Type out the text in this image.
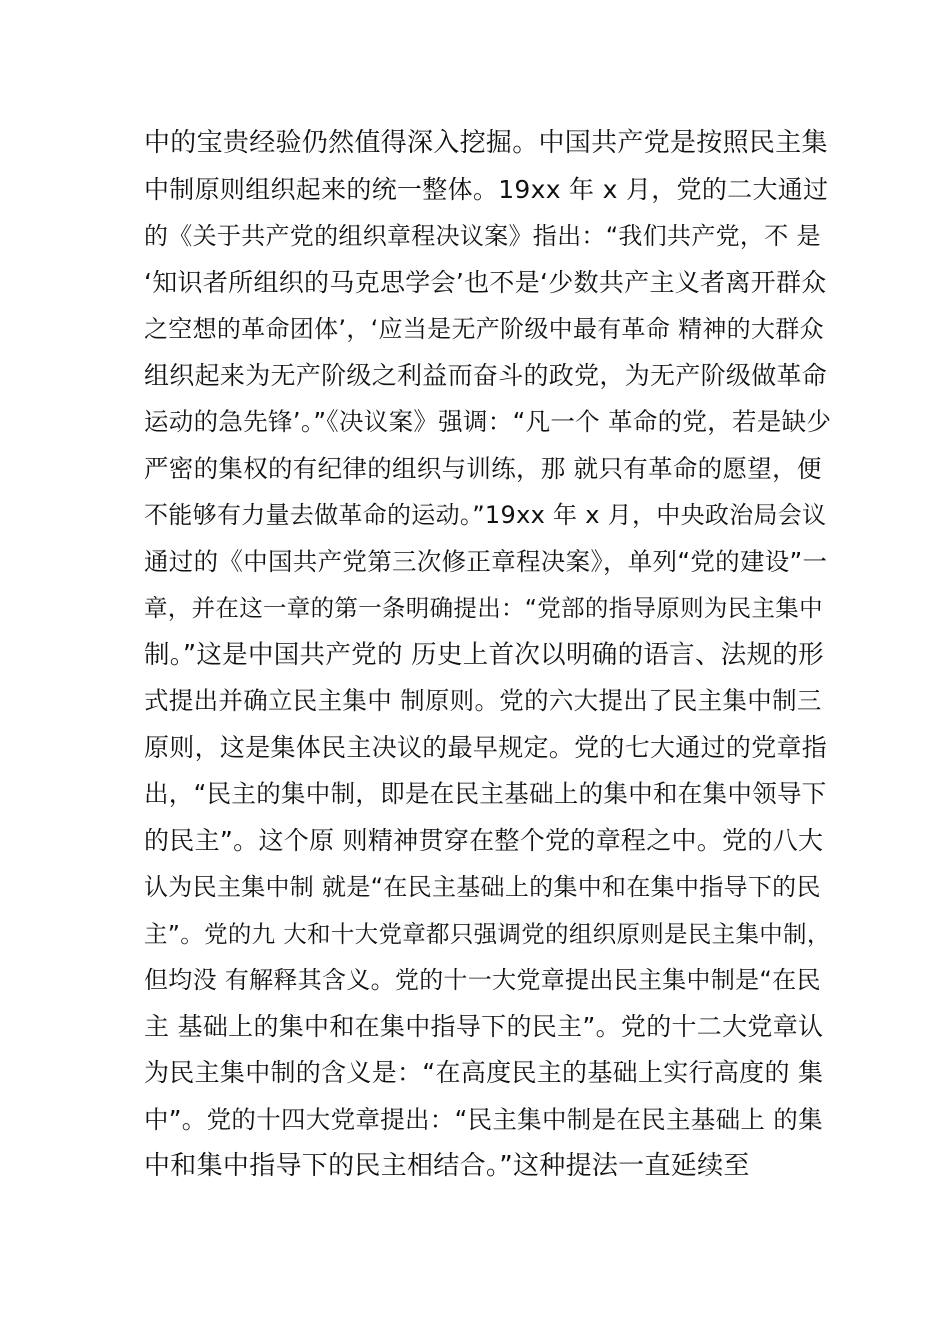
中的宝贵经验仍然值得深入挖掘。中国共产党是按照民主集
中制原则组织起来的统一整体。19xx 年 x 月，党的二大通过
的《关于共产党的组织章程决议案》指出：“我们共产党，不 是
‘知识者所组织的马克思学会’也不是‘少数共产主义者离开群众
之空想的革命团体’，‘应当是无产阶级中最有革命 精神的大群众
组织起来为无产阶级之利益而奋斗的政党，为无产阶级做革命
运动的急先锋’。”《决议案》强调：“凡一个 革命的党，若是缺少
严密的集权的有纪律的组织与训练，那 就只有革命的愿望，便
不能够有力量去做革命的运动。”19xx 年 x 月，中央政治局会议
通过的《中国共产党第三次修正章程决案》，单列“党的建设”一
章，并在这一章的第一条明确提出：“党部的指导原则为民主集中
制。”这是中国共产党的 历史上首次以明确的语言、法规的形
式提出并确立民主集中 制原则。党的六大提出了民主集中制三
原则，这是集体民主决议的最早规定。党的七大通过的党章指
出，“民主的集中制，即是在民主基础上的集中和在集中领导下
的民主”。这个原 则精神贯穿在整个党的章程之中。党的八大
认为民主集中制 就是“在民主基础上的集中和在集中指导下的民
主”。党的九 大和十大党章都只强调党的组织原则是民主集中制，
但均没 有解释其含义。党的十一大党章提出民主集中制是“在民
主 基础上的集中和在集中指导下的民主”。党的十二大党章认
为民主集中制的含义是：“在高度民主的基础上实行高度的 集
中”。党的十四大党章提出：“民主集中制是在民主基础上 的集
中和集中指导下的民主相结合。”这种提法一直延续至
